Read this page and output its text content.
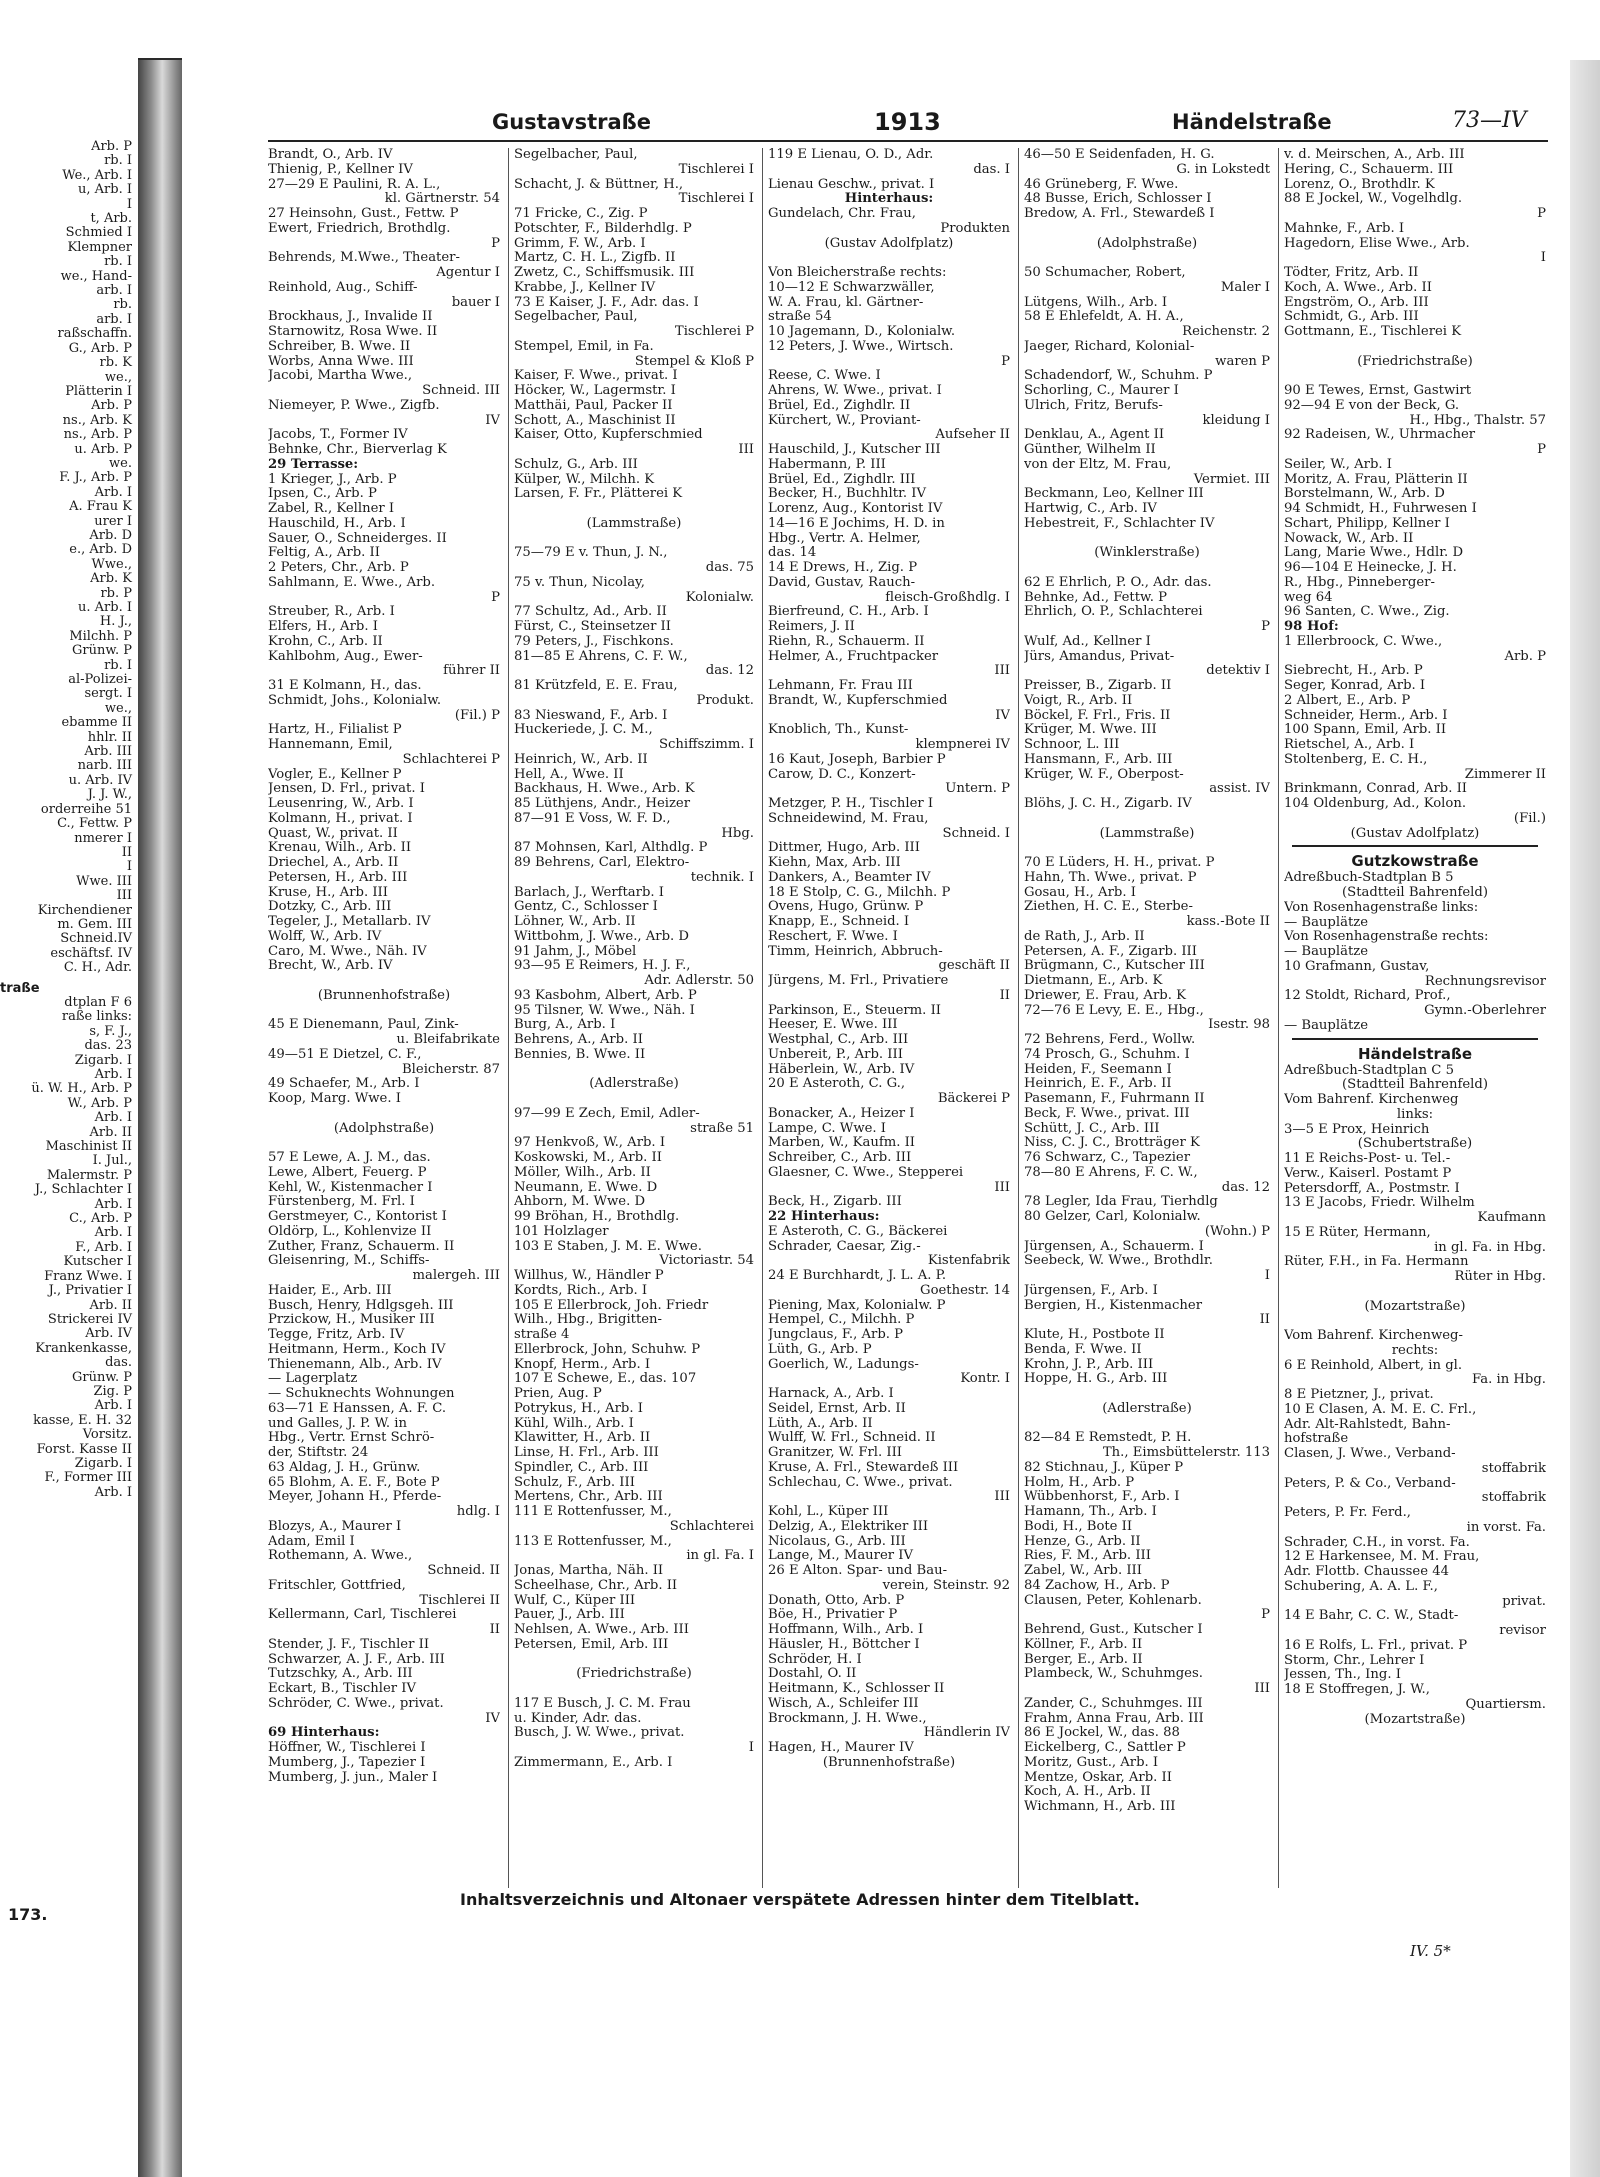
Arb. P
rb. I
We., Arb. I
u, Arb. I
I
t, Arb.
Schmied I
Klempner
rb. I
we., Hand-
arb. I
rb.
arb. I
raßschaffn.
G., Arb. P
rb. K
we.,
Plätterin I
Arb. P
ns., Arb. K
ns., Arb. P
u. Arb. P
we.
F. J., Arb. P
Arb. I
A. Frau K
urer I
Arb. D
e., Arb. D
Wwe.,
Arb. K
rb. P
u. Arb. I
H. J.,
Milchh. P
Grünw. P
rb. I
al-Polizei-
sergt. I
we.,
ebamme II
hhlr. II
Arb. III
narb. III
u. Arb. IV
J. J. W.,
orderreihe 51
C., Fettw. P
nmerer I
II
I
Wwe. III
III
Kirchendiener
m. Gem. III
Schneid.IV
eschäftsf. IV
C. H., Adr.
traße
dtplan F 6
raße links:
s, F. J.,
das. 23
Zigarb. I
Arb. I
ü. W. H., Arb. P
W., Arb. P
Arb. I
Arb. II
Maschinist II
I. Jul.,
Malermstr. P
J., Schlachter I
Arb. I
C., Arb. P
Arb. I
F., Arb. I
Kutscher I
Franz Wwe. I
J., Privatier I
Arb. II
Strickerei IV
Arb. IV
Krankenkasse,
das.
Grünw. P
Zig. P
Arb. I
kasse, E. H. 32
Vorsitz.
Forst. Kasse II
Zigarb. I
F., Former III
Arb. I
173.
Gustavstraße	1913	Händelstraße	73—IV
Brandt, O., Arb. IV
Thienig, P., Kellner IV
27—29 E Paulini, R. A. L.,
kl. Gärtnerstr. 54
27 Heinsohn, Gust., Fettw. P
Ewert, Friedrich, Brothdlg.
P
Behrends, M.Wwe., Theater-
Agentur I
Reinhold, Aug., Schiff-
bauer I
Brockhaus, J., Invalide II
Starnowitz, Rosa Wwe. II
Schreiber, B. Wwe. II
Worbs, Anna Wwe. III
Jacobi, Martha Wwe.,
Schneid. III
Niemeyer, P. Wwe., Zigfb.
IV
Jacobs, T., Former IV
Behnke, Chr., Bierverlag K
29 Terrasse:
1 Krieger, J., Arb. P
Ipsen, C., Arb. P
Zabel, R., Kellner I
Hauschild, H., Arb. I
Sauer, O., Schneiderges. II
Feltig, A., Arb. II
2 Peters, Chr., Arb. P
Sahlmann, E. Wwe., Arb.
P
Streuber, R., Arb. I
Elfers, H., Arb. I
Krohn, C., Arb. II
Kahlbohm, Aug., Ewer-
führer II
31 E Kolmann, H., das.
Schmidt, Johs., Kolonialw.
(Fil.) P
Hartz, H., Filialist P
Hannemann, Emil,
Schlachterei P
Vogler, E., Kellner P
Jensen, D. Frl., privat. I
Leusenring, W., Arb. I
Kolmann, H., privat. I
Quast, W., privat. II
Krenau, Wilh., Arb. II
Driechel, A., Arb. II
Petersen, H., Arb. III
Kruse, H., Arb. III
Dotzky, C., Arb. III
Tegeler, J., Metallarb. IV
Wolff, W., Arb. IV
Caro, M. Wwe., Näh. IV
Brecht, W., Arb. IV

(Brunnenhofstraße)

45 E Dienemann, Paul, Zink-
u. Bleifabrikate
49—51 E Dietzel, C. F.,
Bleicherstr. 87
49 Schaefer, M., Arb. I
Koop, Marg. Wwe. I

(Adolphstraße)

57 E Lewe, A. J. M., das.
Lewe, Albert, Feuerg. P
Kehl, W., Kistenmacher I
Fürstenberg, M. Frl. I
Gerstmeyer, C., Kontorist I
Oldörp, L., Kohlenvize II
Zuther, Franz, Schauerm. II
Gleisenring, M., Schiffs-
malergeh. III
Haider, E., Arb. III
Busch, Henry, Hdlgsgeh. III
Przickow, H., Musiker III
Tegge, Fritz, Arb. IV
Heitmann, Herm., Koch IV
Thienemann, Alb., Arb. IV
— Lagerplatz
— Schuknechts Wohnungen
63—71 E Hanssen, A. F. C.
und Galles, J. P. W. in
Hbg., Vertr. Ernst Schrö-
der, Stiftstr. 24
63 Aldag, J. H., Grünw.
65 Blohm, A. E. F., Bote P
Meyer, Johann H., Pferde-
hdlg. I
Blozys, A., Maurer I
Adam, Emil I
Rothemann, A. Wwe.,
Schneid. II
Fritschler, Gottfried,
Tischlerei II
Kellermann, Carl, Tischlerei
II
Stender, J. F., Tischler II
Schwarzer, A. J. F., Arb. III
Tutzschky, A., Arb. III
Eckart, B., Tischler IV
Schröder, C. Wwe., privat.
IV
69 Hinterhaus:
Höffner, W., Tischlerei I
Mumberg, J., Tapezier I
Mumberg, J. jun., Maler I
Segelbacher, Paul,
Tischlerei I
Schacht, J. & Büttner, H.,
Tischlerei I
71 Fricke, C., Zig. P
Potschter, F., Bilderhdlg. P
Grimm, F. W., Arb. I
Martz, C. H. L., Zigfb. II
Zwetz, C., Schiffsmusik. III
Krabbe, J., Kellner IV
73 E Kaiser, J. F., Adr. das. I
Segelbacher, Paul,
Tischlerei P
Stempel, Emil, in Fa.
Stempel & Kloß P
Kaiser, F. Wwe., privat. I
Höcker, W., Lagermstr. I
Matthäi, Paul, Packer II
Schott, A., Maschinist II
Kaiser, Otto, Kupferschmied
III
Schulz, G., Arb. III
Külper, W., Milchh. K
Larsen, F. Fr., Plätterei K

(Lammstraße)

75—79 E v. Thun, J. N.,
das. 75
75 v. Thun, Nicolay,
Kolonialw.
77 Schultz, Ad., Arb. II
Fürst, C., Steinsetzer II
79 Peters, J., Fischkons.
81—85 E Ahrens, C. F. W.,
das. 12
81 Krützfeld, E. E. Frau,
Produkt.
83 Nieswand, F., Arb. I
Huckeriede, J. C. M.,
Schiffszimm. I
Heinrich, W., Arb. II
Hell, A., Wwe. II
Backhaus, H. Wwe., Arb. K
85 Lüthjens, Andr., Heizer
87—91 E Voss, W. F. D.,
Hbg.
87 Mohnsen, Karl, Althdlg. P
89 Behrens, Carl, Elektro-
technik. I
Barlach, J., Werftarb. I
Gentz, C., Schlosser I
Löhner, W., Arb. II
Wittbohm, J. Wwe., Arb. D
91 Jahm, J., Möbel
93—95 E Reimers, H. J. F.,
Adr. Adlerstr. 50
93 Kasbohm, Albert, Arb. P
95 Tilsner, W. Wwe., Näh. I
Burg, A., Arb. I
Behrens, A., Arb. II
Bennies, B. Wwe. II

(Adlerstraße)

97—99 E Zech, Emil, Adler-
straße 51
97 Henkvoß, W., Arb. I
Koskowski, M., Arb. II
Möller, Wilh., Arb. II
Neumann, E. Wwe. D
Ahborn, M. Wwe. D
99 Bröhan, H., Brothdlg.
101 Holzlager
103 E Staben, J. M. E. Wwe.
Victoriastr. 54
Willhus, W., Händler P
Kordts, Rich., Arb. I
105 E Ellerbrock, Joh. Friedr
Wilh., Hbg., Brigitten-
straße 4
Ellerbrock, John, Schuhw. P
Knopf, Herm., Arb. I
107 E Schewe, E., das. 107
Prien, Aug. P
Potrykus, H., Arb. I
Kühl, Wilh., Arb. I
Klawitter, H., Arb. II
Linse, H. Frl., Arb. III
Spindler, C., Arb. III
Schulz, F., Arb. III
Mertens, Chr., Arb. III
111 E Rottenfusser, M.,
Schlachterei
113 E Rottenfusser, M.,
in gl. Fa. I
Jonas, Martha, Näh. II
Scheelhase, Chr., Arb. II
Wulf, C., Küper III
Pauer, J., Arb. III
Nehlsen, A. Wwe., Arb. III
Petersen, Emil, Arb. III

(Friedrichstraße)

117 E Busch, J. C. M. Frau
u. Kinder, Adr. das.
Busch, J. W. Wwe., privat.
I
Zimmermann, E., Arb. I
119 E Lienau, O. D., Adr.
das. I
Lienau Geschw., privat. I
Hinterhaus:
Gundelach, Chr. Frau,
Produkten
(Gustav Adolfplatz)

Von Bleicherstraße rechts:
10—12 E Schwarzwäller,
W. A. Frau, kl. Gärtner-
straße 54
10 Jagemann, D., Kolonialw.
12 Peters, J. Wwe., Wirtsch.
P
Reese, C. Wwe. I
Ahrens, W. Wwe., privat. I
Brüel, Ed., Zighdlr. II
Kürchert, W., Proviant-
Aufseher II
Hauschild, J., Kutscher III
Habermann, P. III
Brüel, Ed., Zighdlr. III
Becker, H., Buchhltr. IV
Lorenz, Aug., Kontorist IV
14—16 E Jochims, H. D. in
Hbg., Vertr. A. Helmer,
das. 14
14 E Drews, H., Zig. P
David, Gustav, Rauch-
fleisch-Großhdlg. I
Bierfreund, C. H., Arb. I
Reimers, J. II
Riehn, R., Schauerm. II
Helmer, A., Fruchtpacker
III
Lehmann, Fr. Frau III
Brandt, W., Kupferschmied
IV
Knoblich, Th., Kunst-
klempnerei IV
16 Kaut, Joseph, Barbier P
Carow, D. C., Konzert-
Untern. P
Metzger, P. H., Tischler I
Schneidewind, M. Frau,
Schneid. I
Dittmer, Hugo, Arb. III
Kiehn, Max, Arb. III
Dankers, A., Beamter IV
18 E Stolp, C. G., Milchh. P
Ovens, Hugo, Grünw. P
Knapp, E., Schneid. I
Reschert, F. Wwe. I
Timm, Heinrich, Abbruch-
geschäft II
Jürgens, M. Frl., Privatiere
II
Parkinson, E., Steuerm. II
Heeser, E. Wwe. III
Westphal, C., Arb. III
Unbereit, P., Arb. III
Häberlein, W., Arb. IV
20 E Asteroth, C. G.,
Bäckerei P
Bonacker, A., Heizer I
Lampe, C. Wwe. I
Marben, W., Kaufm. II
Schreiber, C., Arb. III
Glaesner, C. Wwe., Stepperei
III
Beck, H., Zigarb. III
22 Hinterhaus:
E Asteroth, C. G., Bäckerei
Schrader, Caesar, Zig.-
Kistenfabrik
24 E Burchhardt, J. L. A. P.
Goethestr. 14
Piening, Max, Kolonialw. P
Hempel, C., Milchh. P
Jungclaus, F., Arb. P
Lüth, G., Arb. P
Goerlich, W., Ladungs-
Kontr. I
Harnack, A., Arb. I
Seidel, Ernst, Arb. II
Lüth, A., Arb. II
Wulff, W. Frl., Schneid. II
Granitzer, W. Frl. III
Kruse, A. Frl., Stewardeß III
Schlechau, C. Wwe., privat.
III
Kohl, L., Küper III
Delzig, A., Elektriker III
Nicolaus, G., Arb. III
Lange, M., Maurer IV
26 E Alton. Spar- und Bau-
verein, Steinstr. 92
Donath, Otto, Arb. P
Böe, H., Privatier P
Hoffmann, Wilh., Arb. I
Häusler, H., Böttcher I
Schröder, H. I
Dostahl, O. II
Heitmann, K., Schlosser II
Wisch, A., Schleifer III
Brockmann, J. H. Wwe.,
Händlerin IV
Hagen, H., Maurer IV
(Brunnenhofstraße)
46—50 E Seidenfaden, H. G.
G. in Lokstedt
46 Grüneberg, F. Wwe.
48 Busse, Erich, Schlosser I
Bredow, A. Frl., Stewardeß I

(Adolphstraße)

50 Schumacher, Robert,
Maler I
Lütgens, Wilh., Arb. I
58 E Ehlefeldt, A. H. A.,
Reichenstr. 2
Jaeger, Richard, Kolonial-
waren P
Schadendorf, W., Schuhm. P
Schorling, C., Maurer I
Ulrich, Fritz, Berufs-
kleidung I
Denklau, A., Agent II
Günther, Wilhelm II
von der Eltz, M. Frau,
Vermiet. III
Beckmann, Leo, Kellner III
Hartwig, C., Arb. IV
Hebestreit, F., Schlachter IV

(Winklerstraße)

62 E Ehrlich, P. O., Adr. das.
Behnke, Ad., Fettw. P
Ehrlich, O. P., Schlachterei
P
Wulf, Ad., Kellner I
Jürs, Amandus, Privat-
detektiv I
Preisser, B., Zigarb. II
Voigt, R., Arb. II
Böckel, F. Frl., Fris. II
Krüger, M. Wwe. III
Schnoor, L. III
Hansmann, F., Arb. III
Krüger, W. F., Oberpost-
assist. IV
Blöhs, J. C. H., Zigarb. IV

(Lammstraße)

70 E Lüders, H. H., privat. P
Hahn, Th. Wwe., privat. P
Gosau, H., Arb. I
Ziethen, H. C. E., Sterbe-
kass.-Bote II
de Rath, J., Arb. II
Petersen, A. F., Zigarb. III
Brügmann, C., Kutscher III
Dietmann, E., Arb. K
Driewer, E. Frau, Arb. K
72—76 E Levy, E. E., Hbg.,
Isestr. 98
72 Behrens, Ferd., Wollw.
74 Prosch, G., Schuhm. I
Heiden, F., Seemann I
Heinrich, E. F., Arb. II
Pasemann, F., Fuhrmann II
Beck, F. Wwe., privat. III
Schütt, J. C., Arb. III
Niss, C. J. C., Brotträger K
76 Schwarz, C., Tapezier
78—80 E Ahrens, F. C. W.,
das. 12
78 Legler, Ida Frau, Tierhdlg
80 Gelzer, Carl, Kolonialw.
(Wohn.) P
Jürgensen, A., Schauerm. I
Seebeck, W. Wwe., Brothdlr.
I
Jürgensen, F., Arb. I
Bergien, H., Kistenmacher
II
Klute, H., Postbote II
Benda, F. Wwe. II
Krohn, J. P., Arb. III
Hoppe, H. G., Arb. III

(Adlerstraße)

82—84 E Remstedt, P. H.
Th., Eimsbüttelerstr. 113
82 Stichnau, J., Küper P
Holm, H., Arb. P
Wübbenhorst, F., Arb. I
Hamann, Th., Arb. I
Bodi, H., Bote II
Henze, G., Arb. II
Ries, F. M., Arb. III
Zabel, W., Arb. III
84 Zachow, H., Arb. P
Clausen, Peter, Kohlenarb.
P
Behrend, Gust., Kutscher I
Köllner, F., Arb. II
Berger, E., Arb. II
Plambeck, W., Schuhmges.
III
Zander, C., Schuhmges. III
Frahm, Anna Frau, Arb. III
86 E Jockel, W., das. 88
Eickelberg, C., Sattler P
Moritz, Gust., Arb. I
Mentze, Oskar, Arb. II
Koch, A. H., Arb. II
Wichmann, H., Arb. III
v. d. Meirschen, A., Arb. III
Hering, C., Schauerm. III
Lorenz, O., Brothdlr. K
88 E Jockel, W., Vogelhdlg.
P
Mahnke, F., Arb. I
Hagedorn, Elise Wwe., Arb.
I
Tödter, Fritz, Arb. II
Koch, A. Wwe., Arb. II
Engström, O., Arb. III
Schmidt, G., Arb. III
Gottmann, E., Tischlerei K

(Friedrichstraße)

90 E Tewes, Ernst, Gastwirt
92—94 E von der Beck, G.
H., Hbg., Thalstr. 57
92 Radeisen, W., Uhrmacher
P
Seiler, W., Arb. I
Moritz, A. Frau, Plätterin II
Borstelmann, W., Arb. D
94 Schmidt, H., Fuhrwesen I
Schart, Philipp, Kellner I
Nowack, W., Arb. II
Lang, Marie Wwe., Hdlr. D
96—104 E Heinecke, J. H.
R., Hbg., Pinneberger-
weg 64
96 Santen, C. Wwe., Zig.
98 Hof:
1 Ellerbroock, C. Wwe.,
Arb. P
Siebrecht, H., Arb. P
Seger, Konrad, Arb. I
2 Albert, E., Arb. P
Schneider, Herm., Arb. I
100 Spann, Emil, Arb. II
Rietschel, A., Arb. I
Stoltenberg, E. C. H.,
Zimmerer II
Brinkmann, Conrad, Arb. II
104 Oldenburg, Ad., Kolon.
(Fil.)
(Gustav Adolfplatz)
Gutzkowstraße
Adreßbuch-Stadtplan B 5
(Stadtteil Bahrenfeld)
Von Rosenhagenstraße links:
— Bauplätze
Von Rosenhagenstraße rechts:
— Bauplätze
10 Grafmann, Gustav,
Rechnungsrevisor
12 Stoldt, Richard, Prof.,
Gymn.-Oberlehrer
— Bauplätze
Händelstraße
Adreßbuch-Stadtplan C 5
(Stadtteil Bahrenfeld)
Vom Bahrenf. Kirchenweg
links:
3—5 E Prox, Heinrich
(Schubertstraße)
11 E Reichs-Post- u. Tel.-
Verw., Kaiserl. Postamt P
Petersdorff, A., Postmstr. I
13 E Jacobs, Friedr. Wilhelm
Kaufmann
15 E Rüter, Hermann,
in gl. Fa. in Hbg.
Rüter, F.H., in Fa. Hermann
Rüter in Hbg.

(Mozartstraße)

Vom Bahrenf. Kirchenweg-
rechts:
6 E Reinhold, Albert, in gl.
Fa. in Hbg.
8 E Pietzner, J., privat.
10 E Clasen, A. M. E. C. Frl.,
Adr. Alt-Rahlstedt, Bahn-
hofstraße
Clasen, J. Wwe., Verband-
stoffabrik
Peters, P. & Co., Verband-
stoffabrik
Peters, P. Fr. Ferd.,
in vorst. Fa.
Schrader, C.H., in vorst. Fa.
12 E Harkensee, M. M. Frau,
Adr. Flottb. Chaussee 44
Schubering, A. A. L. F.,
privat.
14 E Bahr, C. C. W., Stadt-
revisor
16 E Rolfs, L. Frl., privat. P
Storm, Chr., Lehrer I
Jessen, Th., Ing. I
18 E Stoffregen, J. W.,
Quartiersm.
(Mozartstraße)
Inhaltsverzeichnis und Altonaer verspätete Adressen hinter dem Titelblatt.
IV. 5*
